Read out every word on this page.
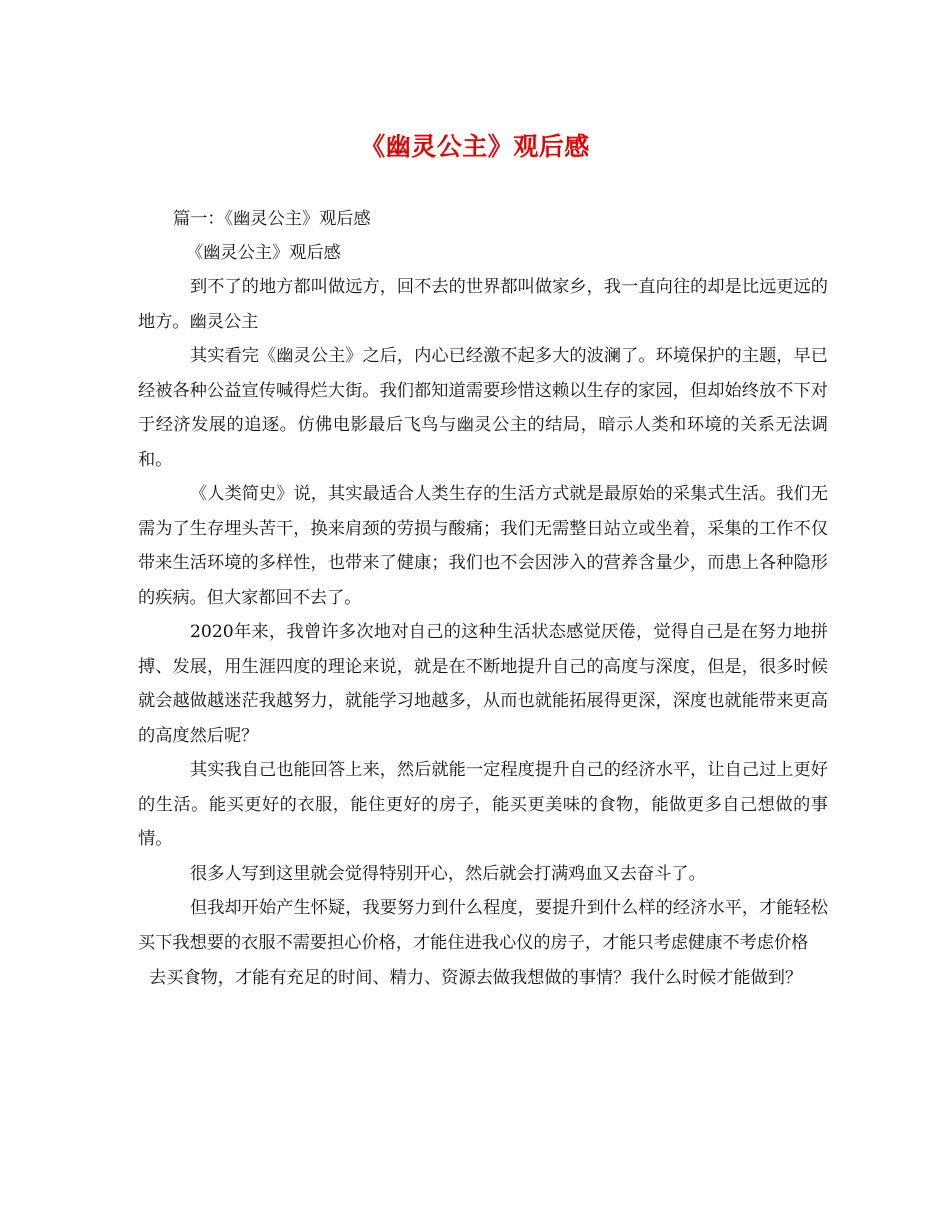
《幽灵公主》观后感

篇一：《幽灵公主》观后感

《幽灵公主》观后感

到不了的地方都叫做远方，回不去的世界都叫做家乡，我一直向往的却是比远更远的地方。幽灵公主

其实看完《幽灵公主》之后，内心已经激不起多大的波澜了。环境保护的主题，早已经被各种公益宣传喊得烂大街。我们都知道需要珍惜这赖以生存的家园，但却始终放不下对于经济发展的追逐。仿佛电影最后飞鸟与幽灵公主的结局，暗示人类和环境的关系无法调和。

《人类简史》说，其实最适合人类生存的生活方式就是最原始的采集式生活。我们无需为了生存埋头苦干，换来肩颈的劳损与酸痛；我们无需整日站立或坐着，采集的工作不仅带来生活环境的多样性，也带来了健康；我们也不会因涉入的营养含量少，而患上各种隐形的疾病。但大家都回不去了。

2020年来，我曾许多次地对自己的这种生活状态感觉厌倦，觉得自己是在努力地拼搏、发展，用生涯四度的理论来说，就是在不断地提升自己的高度与深度，但是，很多时候就会越做越迷茫我越努力，就能学习地越多，从而也就能拓展得更深，深度也就能带来更高的高度然后呢？

其实我自己也能回答上来，然后就能一定程度提升自己的经济水平，让自己过上更好的生活。能买更好的衣服，能住更好的房子，能买更美味的食物，能做更多自己想做的事情。

很多人写到这里就会觉得特别开心，然后就会打满鸡血又去奋斗了。

但我却开始产生怀疑，我要努力到什么程度，要提升到什么样的经济水平，才能轻松买下我想要的衣服不需要担心价格，才能住进我心仪的房子，才能只考虑健康不考虑价格

去买食物，才能有充足的时间、精力、资源去做我想做的事情？我什么时候才能做到？
